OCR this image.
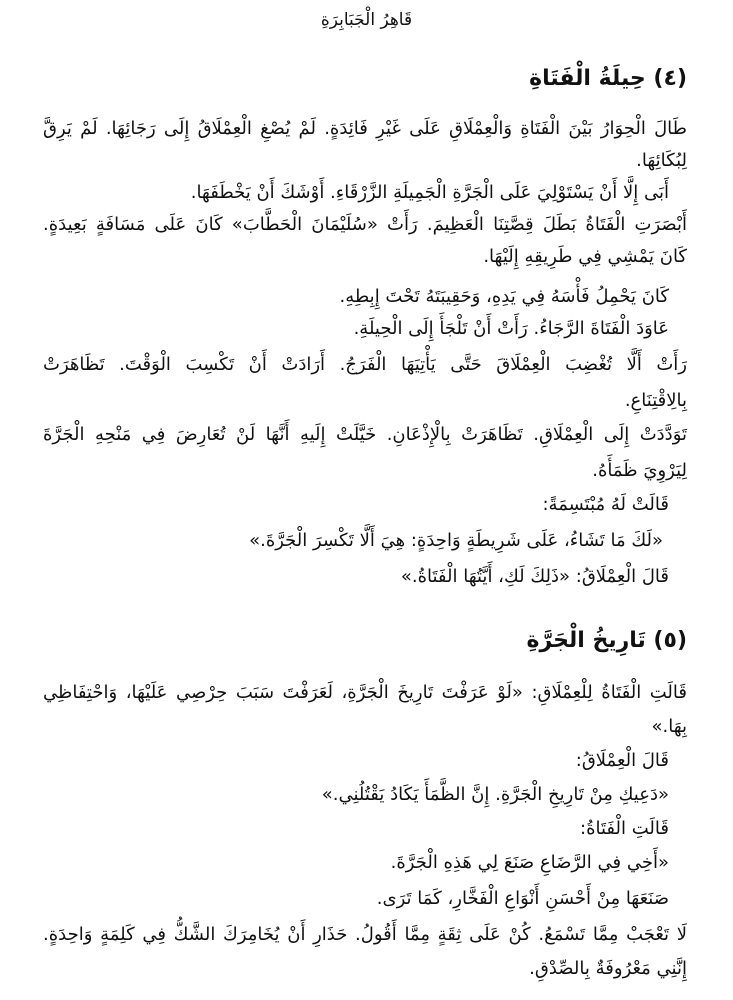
قَاهِرُ الْجَبَابِرَةِ
(٤) حِيلَةُ الْفَتَاةِ
طَالَ الْحِوَارُ بَيْنَ الْفَتَاةِ وَالْعِمْلَاقِ عَلَى غَيْرِ فَائِدَةٍ. لَمْ يُصْغِ الْعِمْلَاقُ إِلَى رَجَائِهَا. لَمْ يَرِقَّ
لِبُكَائِهَا.
أَبَى إِلَّا أَنْ يَسْتَوْلِيَ عَلَى الْجَرَّةِ الْجَمِيلَةِ الزَّرْقَاءِ. أَوْشَكَ أَنْ يَخْطَفَهَا.
أَبْصَرَتِ الْفَتَاةُ بَطَلَ قِصَّتِنَا الْعَظِيمَ. رَأَتْ «سُلَيْمَانَ الْحَطَّابَ» كَانَ عَلَى مَسَافَةٍ بَعِيدَةٍ.
كَانَ يَمْشِي فِي طَرِيقِهِ إِلَيْهَا.
كَانَ يَحْمِلُ فَأْسَهُ فِي يَدِهِ، وَحَقِيبَتَهُ تَحْتَ إِبِطِهِ.
عَاوَدَ الْفَتَاةَ الرَّجَاءُ. رَأَتْ أَنْ تَلْجَأَ إِلَى الْحِيلَةِ.
رَأَتْ أَلَّا تُغْضِبَ الْعِمْلَاقَ حَتَّى يَأْتِيَهَا الْفَرَجُ. أَرَادَتْ أَنْ تَكْسِبَ الْوَقْتَ. تَظَاهَرَتْ
بِالِاقْتِنَاعِ.
تَوَدَّدَتْ إِلَى الْعِمْلَاقِ. تَظَاهَرَتْ بِالْإِذْعَانِ. خَيَّلَتْ إِلَيهِ أَنَّهَا لَنْ تُعَارِضَ فِي مَنْحِهِ الْجَرَّةَ
لِيَرْوِيَ ظَمَأَهُ.
قَالَتْ لَهُ مُبْتَسِمَةً:
«لَكَ مَا تَشَاءُ، عَلَى شَرِيطَةٍ وَاحِدَةٍ: هِيَ أَلَّا تَكْسِرَ الْجَرَّةَ.»
قَالَ الْعِمْلَاقُ: «ذَلِكَ لَكِ، أَيَّتُهَا الْفَتَاةُ.»
(٥) تَارِيخُ الْجَرَّةِ
قَالَتِ الْفَتَاةُ لِلْعِمْلَاقِ: «لَوْ عَرَفْتَ تَارِيخَ الْجَرَّةِ، لَعَرَفْتَ سَبَبَ حِرْصِي عَلَيْهَا، وَاحْتِفَاظِي
بِهَا.»
قَالَ الْعِمْلَاقُ:
«دَعِيكِ مِنْ تَارِيخِ الْجَرَّةِ. إِنَّ الظَّمَأَ يَكَادُ يَقْتُلُنِي.»
قَالَتِ الْفَتَاةُ:
«أَخِي فِي الرَّضَاعِ صَنَعَ لِي هَذِهِ الْجَرَّةَ.
صَنَعَهَا مِنْ أَحْسَنِ أَنْوَاعِ الْفَخَّارِ، كَمَا تَرَى.
لَا تَعْجَبْ مِمَّا تَسْمَعُ. كُنْ عَلَى ثِقَةٍ مِمَّا أَقُولُ. حَذَارِ أَنْ يُخَامِرَكَ الشَّكُّ فِي كَلِمَةٍ وَاحِدَةٍ.
إِنَّنِي مَعْرُوفَةٌ بِالصِّدْقِ.
